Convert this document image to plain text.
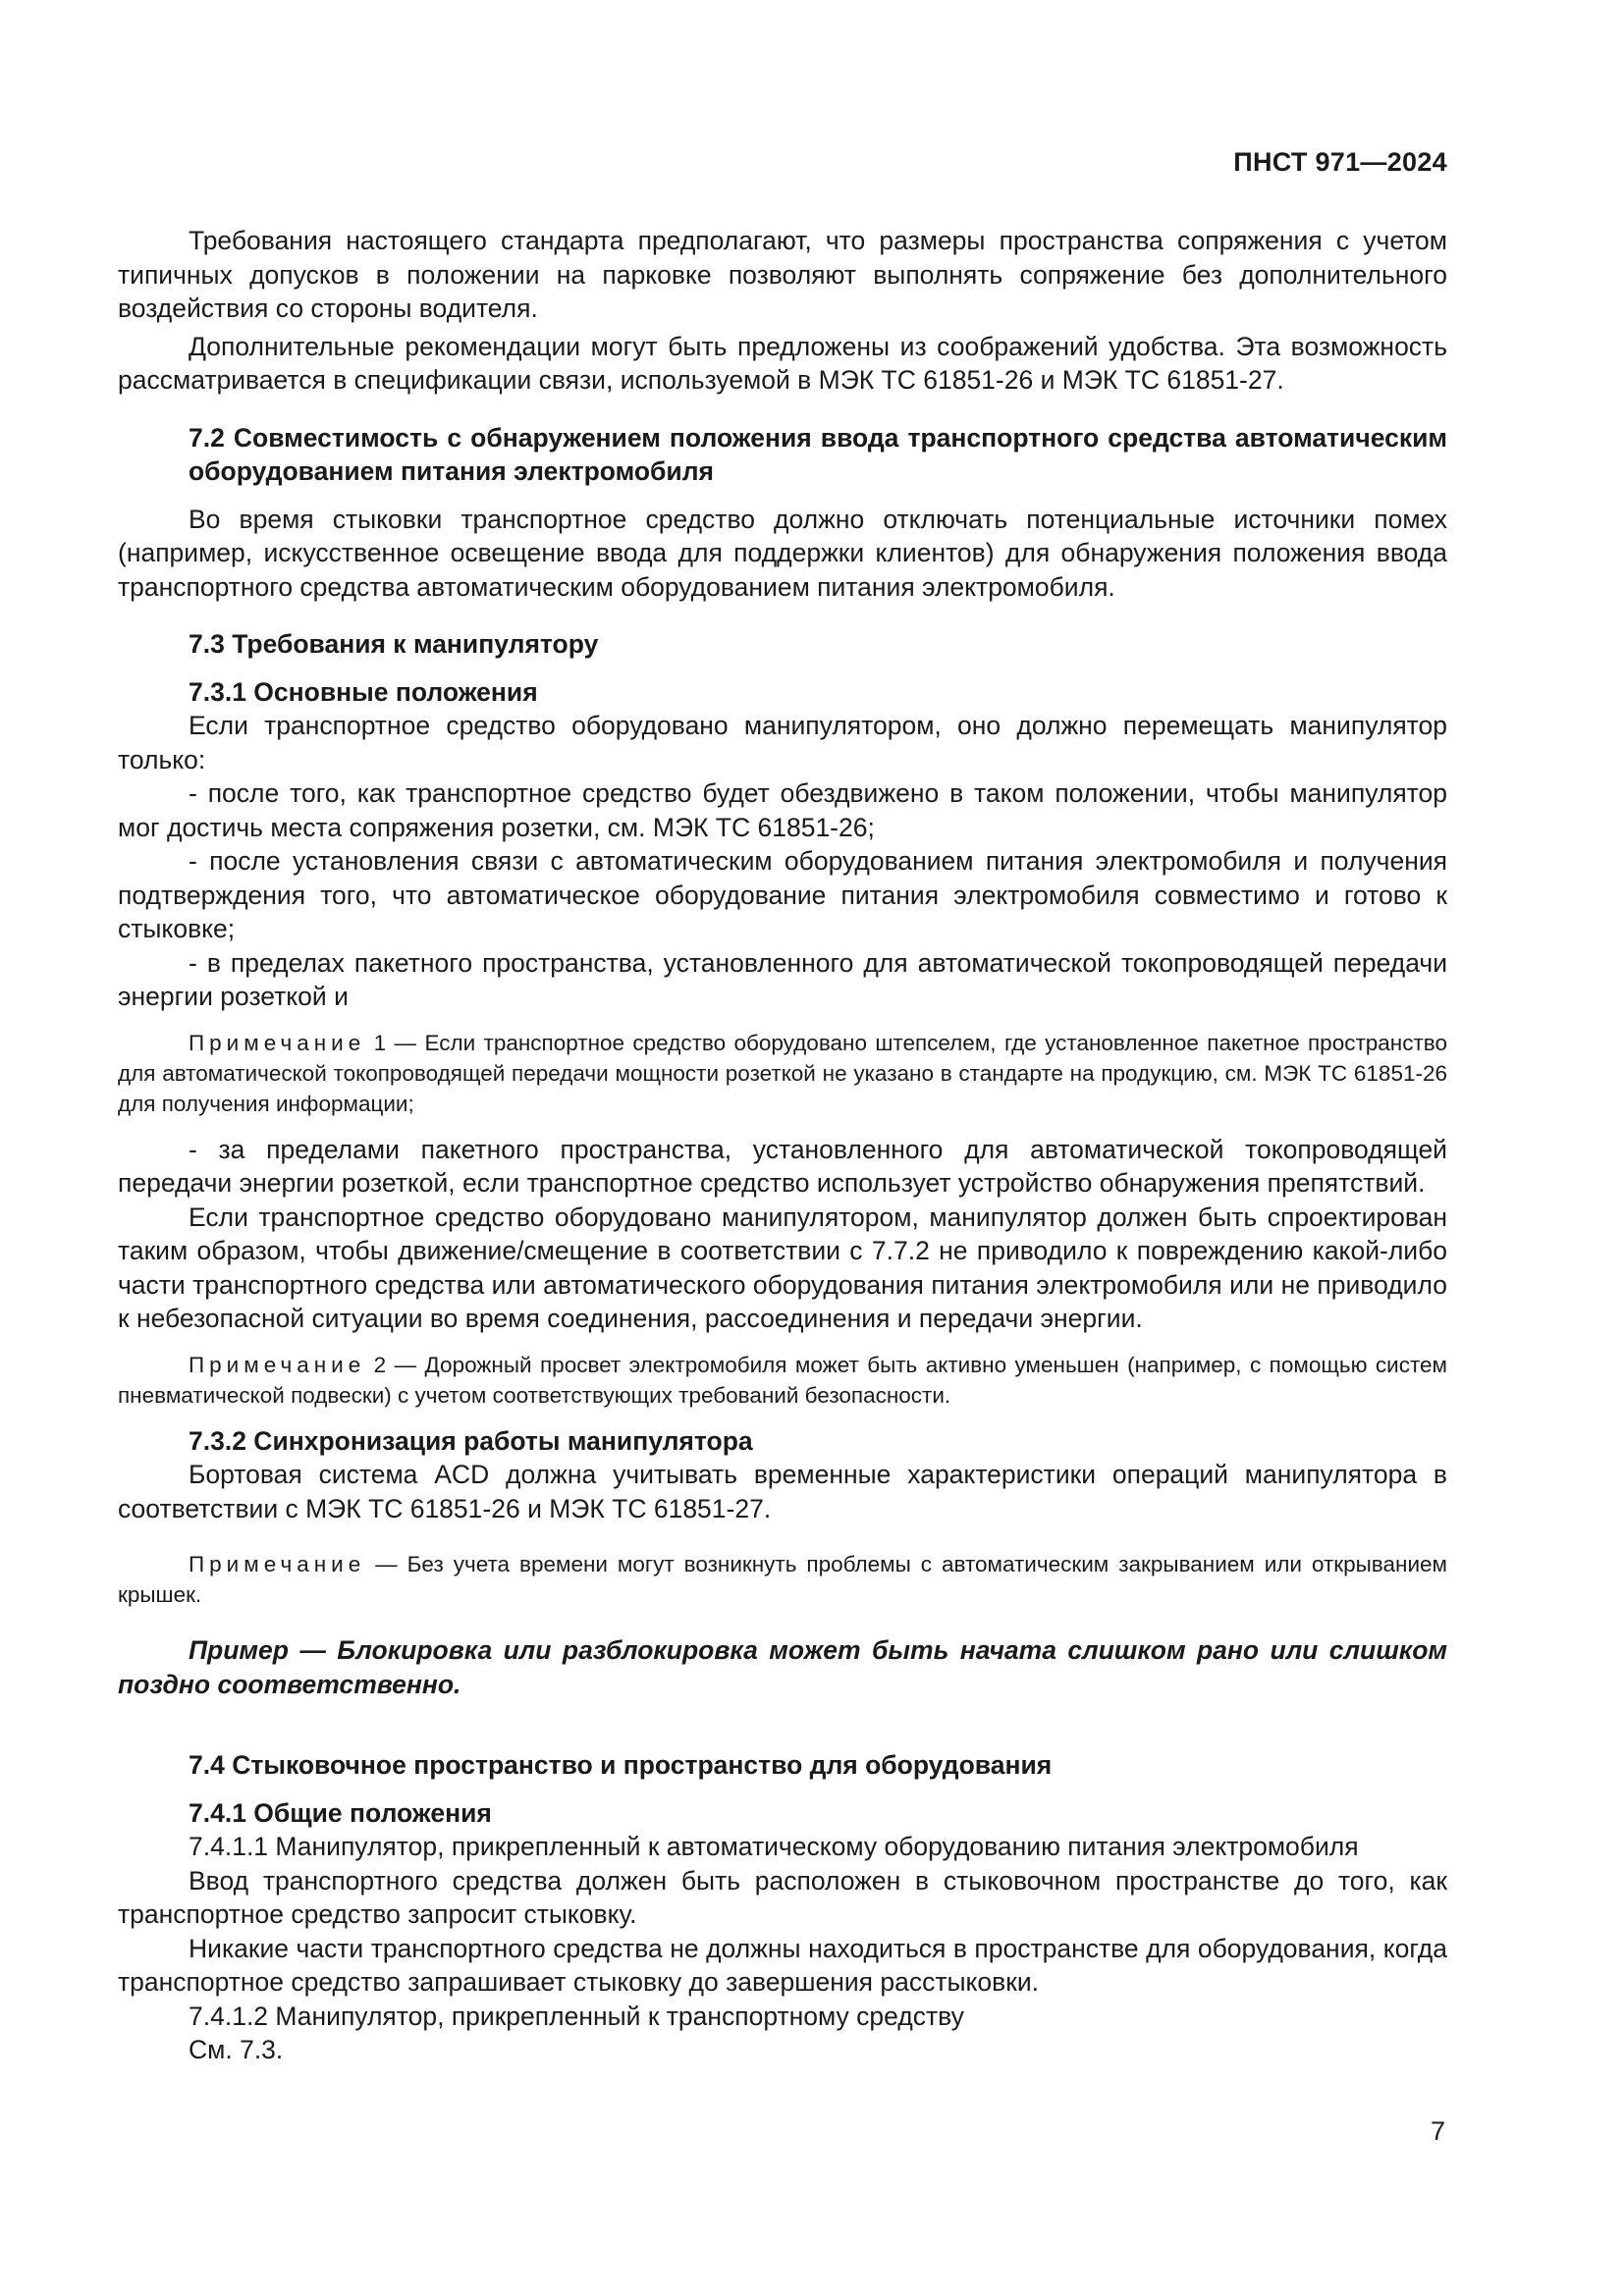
ПНСТ 971—2024

Требования настоящего стандарта предполагают, что размеры пространства сопряжения с учетом типичных допусков в положении на парковке позволяют выполнять сопряжение без дополнительного воздействия со стороны водителя.

Дополнительные рекомендации могут быть предложены из соображений удобства. Эта возможность рассматривается в спецификации связи, используемой в МЭК ТС 61851-26 и МЭК ТС 61851-27.

7.2 Совместимость с обнаружением положения ввода транспортного средства автоматическим оборудованием питания электромобиля

Во время стыковки транспортное средство должно отключать потенциальные источники помех (например, искусственное освещение ввода для поддержки клиентов) для обнаружения положения ввода транспортного средства автоматическим оборудованием питания электромобиля.

7.3 Требования к манипулятору

7.3.1 Основные положения

Если транспортное средство оборудовано манипулятором, оно должно перемещать манипулятор только:

- после того, как транспортное средство будет обездвижено в таком положении, чтобы манипулятор мог достичь места сопряжения розетки, см. МЭК ТС 61851-26;

- после установления связи с автоматическим оборудованием питания электромобиля и получения подтверждения того, что автоматическое оборудование питания электромобиля совместимо и готово к стыковке;

- в пределах пакетного пространства, установленного для автоматической токопроводящей передачи энергии розеткой и

Примечание 1 — Если транспортное средство оборудовано штепселем, где установленное пакетное пространство для автоматической токопроводящей передачи мощности розеткой не указано в стандарте на продукцию, см. МЭК ТС 61851-26 для получения информации;

- за пределами пакетного пространства, установленного для автоматической токопроводящей передачи энергии розеткой, если транспортное средство использует устройство обнаружения препятствий.

Если транспортное средство оборудовано манипулятором, манипулятор должен быть спроектирован таким образом, чтобы движение/смещение в соответствии с 7.7.2 не приводило к повреждению какой-либо части транспортного средства или автоматического оборудования питания электромобиля или не приводило к небезопасной ситуации во время соединения, рассоединения и передачи энергии.

Примечание 2 — Дорожный просвет электромобиля может быть активно уменьшен (например, с помощью систем пневматической подвески) с учетом соответствующих требований безопасности.

7.3.2 Синхронизация работы манипулятора

Бортовая система ACD должна учитывать временные характеристики операций манипулятора в соответствии с МЭК ТС 61851-26 и МЭК ТС 61851-27.

Примечание — Без учета времени могут возникнуть проблемы с автоматическим закрыванием или открыванием крышек.

Пример — Блокировка или разблокировка может быть начата слишком рано или слишком поздно соответственно.

7.4 Стыковочное пространство и пространство для оборудования

7.4.1 Общие положения

7.4.1.1 Манипулятор, прикрепленный к автоматическому оборудованию питания электромобиля

Ввод транспортного средства должен быть расположен в стыковочном пространстве до того, как транспортное средство запросит стыковку.

Никакие части транспортного средства не должны находиться в пространстве для оборудования, когда транспортное средство запрашивает стыковку до завершения расстыковки.

7.4.1.2 Манипулятор, прикрепленный к транспортному средству

См. 7.3.

7
